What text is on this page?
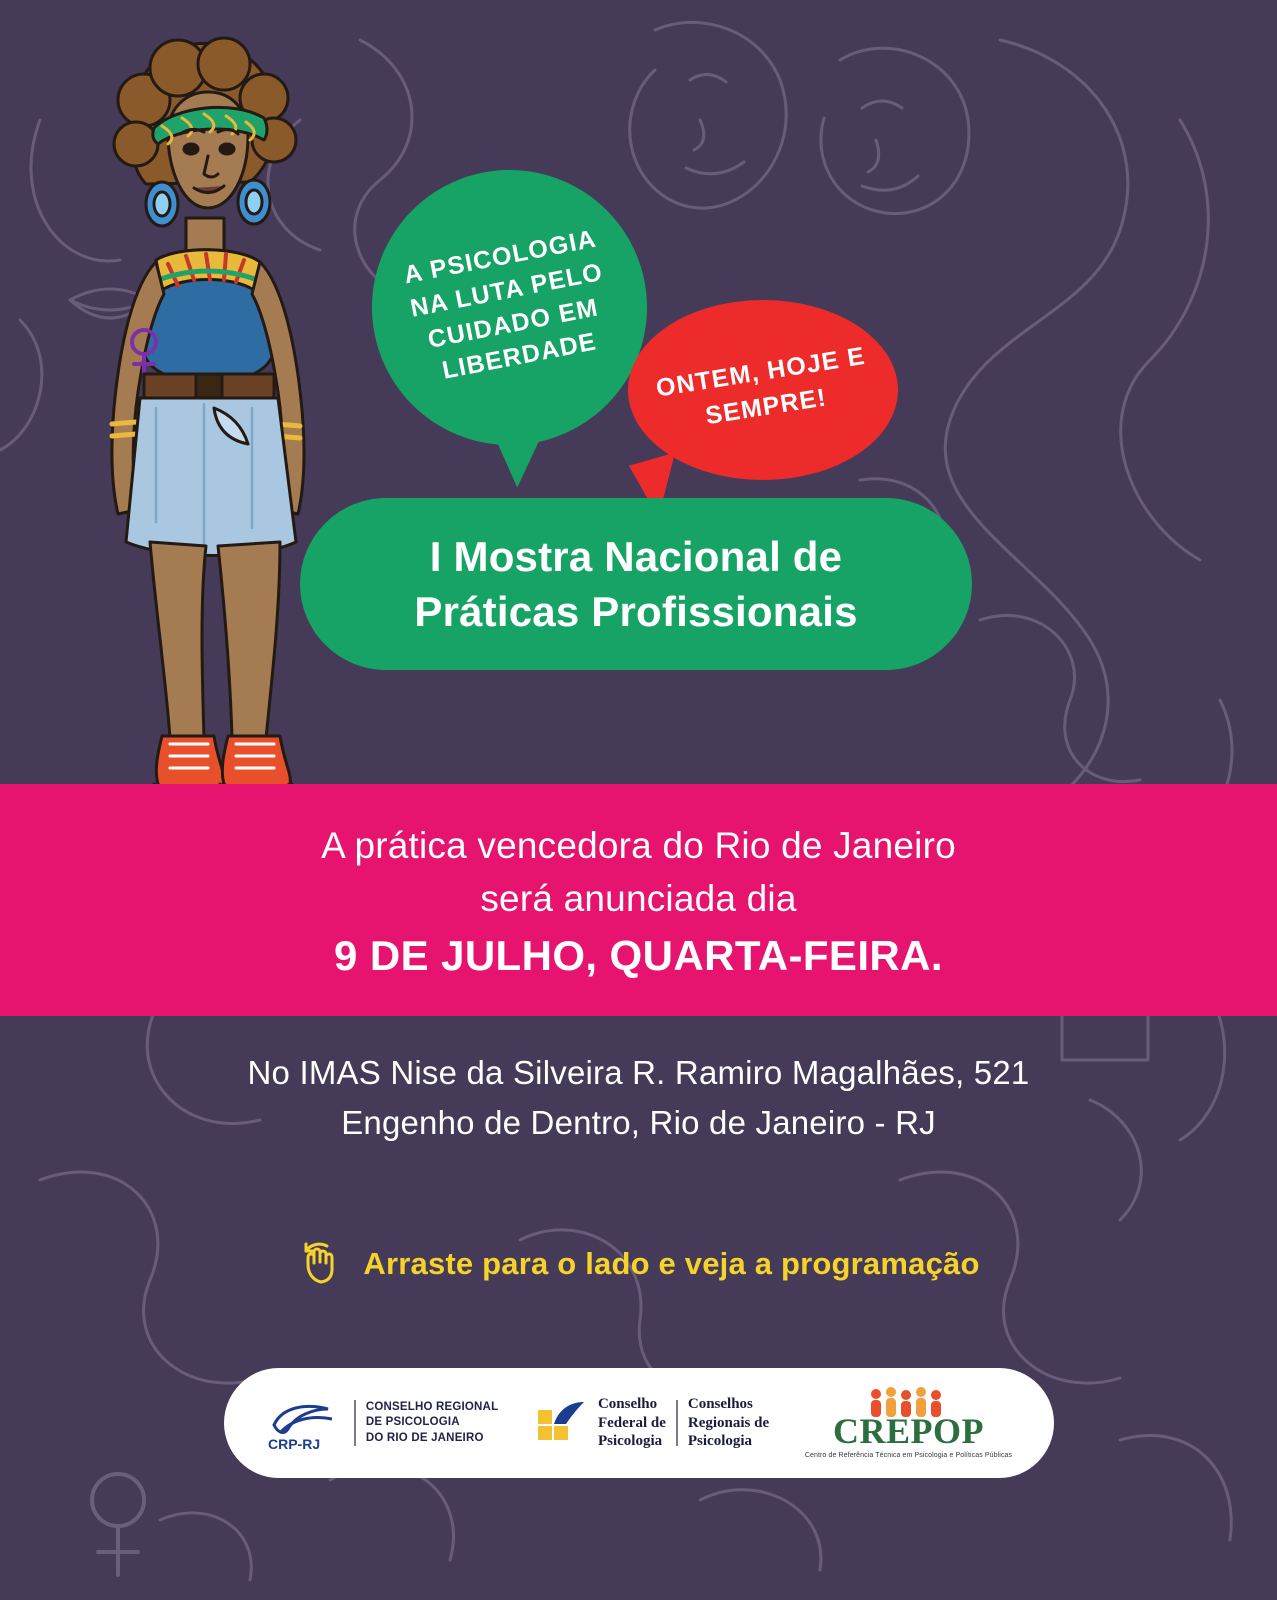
A PSICOLOGIA NA LUTA PELO CUIDADO EM LIBERDADE	ONTEM, HOJE E SEMPRE!
I Mostra Nacional de
Práticas Profissionais
A prática vencedora do Rio de Janeiro
será anunciada dia
9 DE JULHO, QUARTA-FEIRA.
No IMAS Nise da Silveira R. Ramiro Magalhães, 521
Engenho de Dentro, Rio de Janeiro - RJ
Arraste para o lado e veja a programação
CRP-RJ
CONSELHO REGIONAL
DE PSICOLOGIA
DO RIO DE JANEIRO
Conselho
Federal de
Psicologia
Conselhos
Regionais de
Psicologia	CREPOP
Centro de Referência Técnica em Psicologia e Políticas Públicas
